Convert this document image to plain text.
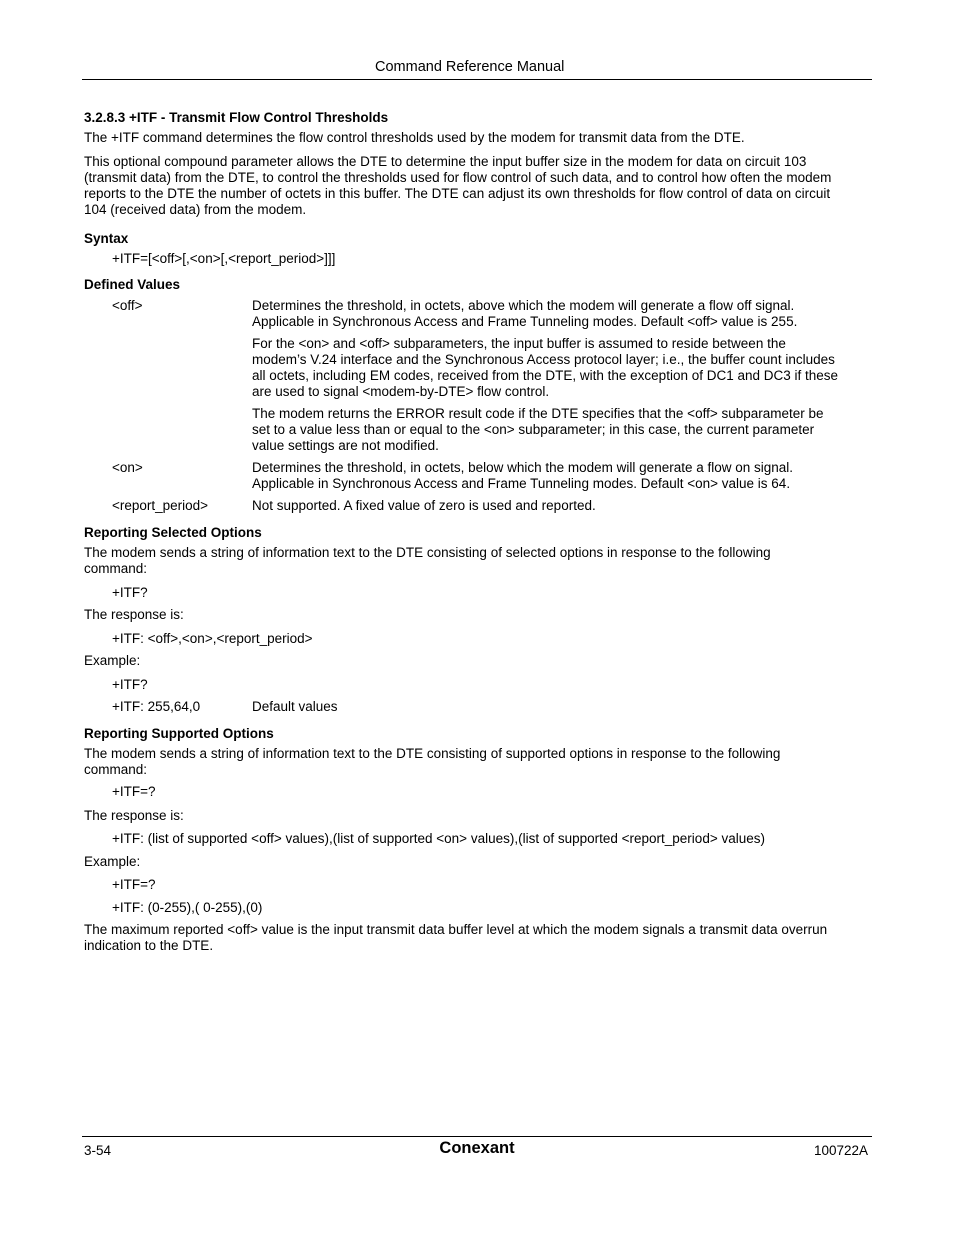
Command Reference Manual
3.2.8.3 +ITF - Transmit Flow Control Thresholds
The +ITF command determines the flow control thresholds used by the modem for transmit data from the DTE.
This optional compound parameter allows the DTE to determine the input buffer size in the modem for data on circuit 103
(transmit data) from the DTE, to control the thresholds used for flow control of such data, and to control how often the modem
reports to the DTE the number of octets in this buffer. The DTE can adjust its own thresholds for flow control of data on circuit
104 (received data) from the modem.
Syntax
+ITF=[<off>[,<on>[,<report_period>]]]
Defined Values
<off>	Determines the threshold, in octets, above which the modem will generate a flow off signal.
Applicable in Synchronous Access and Frame Tunneling modes. Default <off> value is 255.
For the <on> and <off> subparameters, the input buffer is assumed to reside between the
modem’s V.24 interface and the Synchronous Access protocol layer; i.e., the buffer count includes
all octets, including EM codes, received from the DTE, with the exception of DC1 and DC3 if these
are used to signal <modem-by-DTE> flow control.
The modem returns the ERROR result code if the DTE specifies that the <off> subparameter be
set to a value less than or equal to the <on> subparameter; in this case, the current parameter
value settings are not modified.
<on>	Determines the threshold, in octets, below which the modem will generate a flow on signal.
Applicable in Synchronous Access and Frame Tunneling modes. Default <on> value is 64.
<report_period>	Not supported. A fixed value of zero is used and reported.
Reporting Selected Options
The modem sends a string of information text to the DTE consisting of selected options in response to the following
command:
+ITF?
The response is:
+ITF: <off>,<on>,<report_period>
Example:
+ITF?
+ITF: 255,64,0	Default values
Reporting Supported Options
The modem sends a string of information text to the DTE consisting of supported options in response to the following
command:
+ITF=?
The response is:
+ITF: (list of supported <off> values),(list of supported <on> values),(list of supported <report_period> values)
Example:
+ITF=?
+ITF: (0-255),( 0-255),(0)
The maximum reported <off> value is the input transmit data buffer level at which the modem signals a transmit data overrun
indication to the DTE.
3-54	Conexant	100722A
